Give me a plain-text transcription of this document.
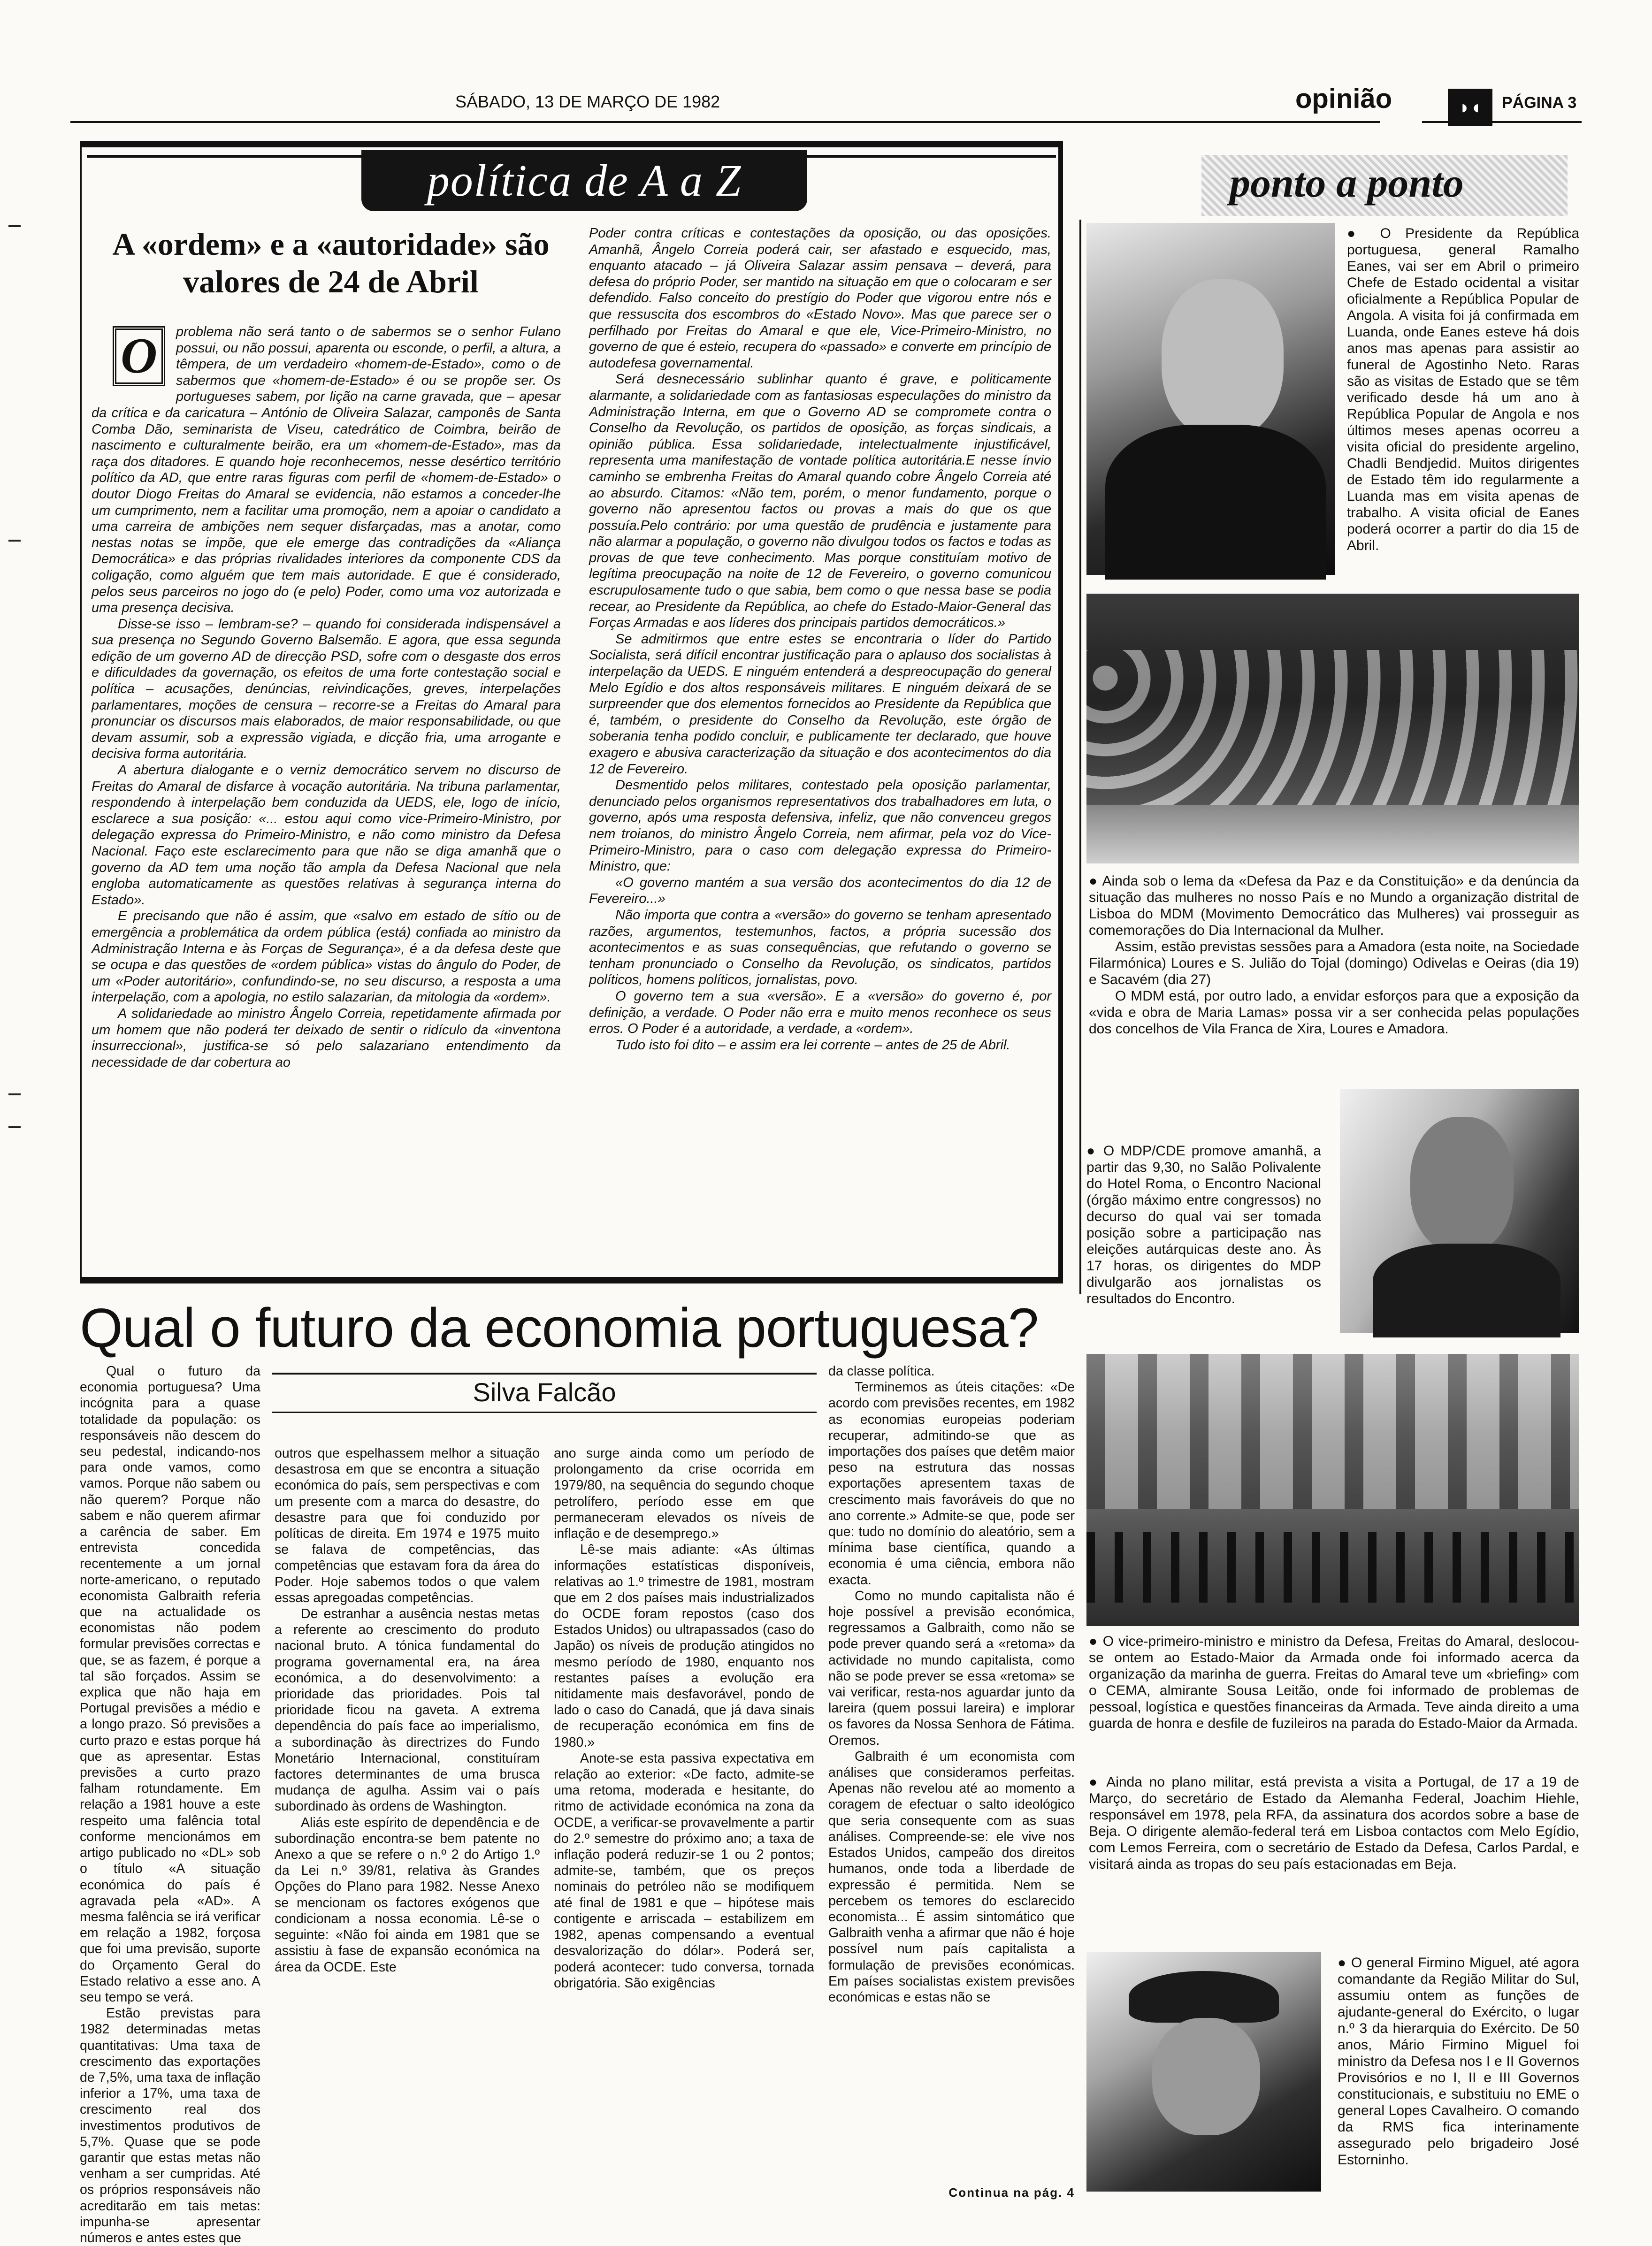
SÁBADO, 13 DE MARÇO DE 1982	opinião	◗◖	PÁGINA 3
política de A a Z
A «ordem» e a «autoridade» são valores de 24 de Abril
O	problema não será tanto o de sabermos se o senhor Fulano possui, ou não possui, aparenta ou esconde, o perfil, a altura, a têmpera, de um verdadeiro «homem-de-Estado», como o de sabermos que «homem-de-Estado» é ou se propõe ser. Os portugueses sabem, por lição na carne gravada, que – apesar da crítica e da caricatura – António de Oliveira Salazar, camponês de Santa Comba Dão, seminarista de Viseu, catedrático de Coimbra, beirão de nascimento e culturalmente beirão, era um «homem-de-Estado», mas da raça dos ditadores. E quando hoje reconhecemos, nesse desértico território político da AD, que entre raras figuras com perfil de «homem-de-Estado» o doutor Diogo Freitas do Amaral se evidencia, não estamos a conceder-lhe um cumprimento, nem a facilitar uma promoção, nem a apoiar o candidato a uma carreira de ambições nem sequer disfarçadas, mas a anotar, como nestas notas se impõe, que ele emerge das contradições da «Aliança Democrática» e das próprias rivalidades interiores da componente CDS da coligação, como alguém que tem mais autoridade. E que é considerado, pelos seus parceiros no jogo do (e pelo) Poder, como uma voz autorizada e uma presença decisiva.

Disse-se isso – lembram-se? – quando foi considerada indispensável a sua presença no Segundo Governo Balsemão. E agora, que essa segunda edição de um governo AD de direcção PSD, sofre com o desgaste dos erros e dificuldades da governação, os efeitos de uma forte contestação social e política – acusações, denúncias, reivindicações, greves, interpelações parlamentares, moções de censura – recorre-se a Freitas do Amaral para pronunciar os discursos mais elaborados, de maior responsabilidade, ou que devam assumir, sob a expressão vigiada, e dicção fria, uma arrogante e decisiva forma autoritária.

A abertura dialogante e o verniz democrático servem no discurso de Freitas do Amaral de disfarce à vocação autoritária. Na tribuna parlamentar, respondendo à interpelação bem conduzida da UEDS, ele, logo de início, esclarece a sua posição: «... estou aqui como vice-Primeiro-Ministro, por delegação expressa do Primeiro-Ministro, e não como ministro da Defesa Nacional. Faço este esclarecimento para que não se diga amanhã que o governo da AD tem uma noção tão ampla da Defesa Nacional que nela engloba automaticamente as questões relativas à segurança interna do Estado».

E precisando que não é assim, que «salvo em estado de sítio ou de emergência a problemática da ordem pública (está) confiada ao ministro da Administração Interna e às Forças de Segurança», é a da defesa deste que se ocupa e das questões de «ordem pública» vistas do ângulo do Poder, de um «Poder autoritário», confundindo-se, no seu discurso, a resposta a uma interpelação, com a apologia, no estilo salazarian, da mitologia da «ordem».

A solidariedade ao ministro Ângelo Correia, repetidamente afirmada por um homem que não poderá ter deixado de sentir o ridículo da «inventona insurreccional», justifica-se só pelo salazariano entendimento da necessidade de dar cobertura ao

Poder contra críticas e contestações da oposição, ou das oposições. Amanhã, Ângelo Correia poderá cair, ser afastado e esquecido, mas, enquanto atacado – já Oliveira Salazar assim pensava – deverá, para defesa do próprio Poder, ser mantido na situação em que o colocaram e ser defendido. Falso conceito do prestígio do Poder que vigorou entre nós e que ressuscita dos escombros do «Estado Novo». Mas que parece ser o perfilhado por Freitas do Amaral e que ele, Vice-Primeiro-Ministro, no governo de que é esteio, recupera do «passado» e converte em princípio de autodefesa governamental.

Será desnecessário sublinhar quanto é grave, e politicamente alarmante, a solidariedade com as fantasiosas especulações do ministro da Administração Interna, em que o Governo AD se compromete contra o Conselho da Revolução, os partidos de oposição, as forças sindicais, a opinião pública. Essa solidariedade, intelectualmente injustificável, representa uma manifestação de vontade política autoritária.E nesse ínvio caminho se embrenha Freitas do Amaral quando cobre Ângelo Correia até ao absurdo. Citamos: «Não tem, porém, o menor fundamento, porque o governo não apresentou factos ou provas a mais do que os que possuía.Pelo contrário: por uma questão de prudência e justamente para não alarmar a população, o governo não divulgou todos os factos e todas as provas de que teve conhecimento. Mas porque constituíam motivo de legítima preocupação na noite de 12 de Fevereiro, o governo comunicou escrupulosamente tudo o que sabia, bem como o que nessa base se podia recear, ao Presidente da República, ao chefe do Estado-Maior-General das Forças Armadas e aos líderes dos principais partidos democráticos.»

Se admitirmos que entre estes se encontraria o líder do Partido Socialista, será difícil encontrar justificação para o aplauso dos socialistas à interpelação da UEDS. E ninguém entenderá a despreocupação do general Melo Egídio e dos altos responsáveis militares. E ninguém deixará de se surpreender que dos elementos fornecidos ao Presidente da República que é, também, o presidente do Conselho da Revolução, este órgão de soberania tenha podido concluir, e publicamente ter declarado, que houve exagero e abusiva caracterização da situação e dos acontecimentos do dia 12 de Fevereiro.

Desmentido pelos militares, contestado pela oposição parlamentar, denunciado pelos organismos representativos dos trabalhadores em luta, o governo, após uma resposta defensiva, infeliz, que não convenceu gregos nem troianos, do ministro Ângelo Correia, nem afirmar, pela voz do Vice-Primeiro-Ministro, para o caso com delegação expressa do Primeiro-Ministro, que:

«O governo mantém a sua versão dos acontecimentos do dia 12 de Fevereiro...»

Não importa que contra a «versão» do governo se tenham apresentado razões, argumentos, testemunhos, factos, a própria sucessão dos acontecimentos e as suas consequências, que refutando o governo se tenham pronunciado o Conselho da Revolução, os sindicatos, partidos políticos, homens políticos, jornalistas, povo.

O governo tem a sua «versão». E a «versão» do governo é, por definição, a verdade. O Poder não erra e muito menos reconhece os seus erros. O Poder é a autoridade, a verdade, a «ordem».

Tudo isto foi dito – e assim era lei corrente – antes de 25 de Abril.

ponto a ponto

● O Presidente da República portuguesa, general Ramalho Eanes, vai ser em Abril o primeiro Chefe de Estado ocidental a visitar oficialmente a República Popular de Angola. A visita foi já confirmada em Luanda, onde Eanes esteve há dois anos mas apenas para assistir ao funeral de Agostinho Neto. Raras são as visitas de Estado que se têm verificado desde há um ano à República Popular de Angola e nos últimos meses apenas ocorreu a visita oficial do presidente argelino, Chadli Bendjedid. Muitos dirigentes de Estado têm ido regularmente a Luanda mas em visita apenas de trabalho. A visita oficial de Eanes poderá ocorrer a partir do dia 15 de Abril.

● Ainda sob o lema da «Defesa da Paz e da Constituição» e da denúncia da situação das mulheres no nosso País e no Mundo a organização distrital de Lisboa do MDM (Movimento Democrático das Mulheres) vai prosseguir as comemorações do Dia Internacional da Mulher.

Assim, estão previstas sessões para a Amadora (esta noite, na Sociedade Filarmónica) Loures e S. Julião do Tojal (domingo) Odivelas e Oeiras (dia 19) e Sacavém (dia 27)

O MDM está, por outro lado, a envidar esforços para que a exposição da «vida e obra de Maria Lamas» possa vir a ser conhecida pelas populações dos concelhos de Vila Franca de Xira, Loures e Amadora.

● O MDP/CDE promove amanhã, a partir das 9,30, no Salão Polivalente do Hotel Roma, o Encontro Nacional (órgão máximo entre congressos) no decurso do qual vai ser tomada posição sobre a participação nas eleições autárquicas deste ano. Às 17 horas, os dirigentes do MDP divulgarão aos jornalistas os resultados do Encontro.

● O vice-primeiro-ministro e ministro da Defesa, Freitas do Amaral, deslocou-se ontem ao Estado-Maior da Armada onde foi informado acerca da organização da marinha de guerra. Freitas do Amaral teve um «briefing» com o CEMA, almirante Sousa Leitão, onde foi informado de problemas de pessoal, logística e questões financeiras da Armada. Teve ainda direito a uma guarda de honra e desfile de fuzileiros na parada do Estado-Maior da Armada.

● Ainda no plano militar, está prevista a visita a Portugal, de 17 a 19 de Março, do secretário de Estado da Alemanha Federal, Joachim Hiehle, responsável em 1978, pela RFA, da assinatura dos acordos sobre a base de Beja. O dirigente alemão-federal terá em Lisboa contactos com Melo Egídio, com Lemos Ferreira, com o secretário de Estado da Defesa, Carlos Pardal, e visitará ainda as tropas do seu país estacionadas em Beja.

● O general Firmino Miguel, até agora comandante da Região Militar do Sul, assumiu ontem as funções de ajudante-general do Exército, o lugar n.º 3 da hierarquia do Exército. De 50 anos, Mário Firmino Miguel foi ministro da Defesa nos I e II Governos Provisórios e no I, II e III Governos constitucionais, e substituiu no EME o general Lopes Cavalheiro. O comando da RMS fica interinamente assegurado pelo brigadeiro José Estorninho.

Qual o futuro da economia portuguesa?
Silva Falcão

Qual o futuro da economia portuguesa? Uma incógnita para a quase totalidade da população: os responsáveis não descem do seu pedestal, indicando-nos para onde vamos, como vamos. Porque não sabem ou não querem? Porque não sabem e não querem afirmar a carência de saber. Em entrevista concedida recentemente a um jornal norte-americano, o reputado economista Galbraith referia que na actualidade os economistas não podem formular previsões correctas e que, se as fazem, é porque a tal são forçados. Assim se explica que não haja em Portugal previsões a médio e a longo prazo. Só previsões a curto prazo e estas porque há que as apresentar. Estas previsões a curto prazo falham rotundamente. Em relação a 1981 houve a este respeito uma falência total conforme mencionámos em artigo publicado no «DL» sob o título «A situação económica do país é agravada pela «AD». A mesma falência se irá verificar em relação a 1982, forçosa que foi uma previsão, suporte do Orçamento Geral do Estado relativo a esse ano. A seu tempo se verá.

Estão previstas para 1982 determinadas metas quantitativas: Uma taxa de crescimento das exportações de 7,5%, uma taxa de inflação inferior a 17%, uma taxa de crescimento real dos investimentos produtivos de 5,7%. Quase que se pode garantir que estas metas não venham a ser cumpridas. Até os próprios responsáveis não acreditarão em tais metas: impunha-se apresentar números e antes estes que

outros que espelhassem melhor a situação desastrosa em que se encontra a situação económica do país, sem perspectivas e com um presente com a marca do desastre, do desastre para que foi conduzido por políticas de direita. Em 1974 e 1975 muito se falava de competências, das competências que estavam fora da área do Poder. Hoje sabemos todos o que valem essas apregoadas competências.

De estranhar a ausência nestas metas a referente ao crescimento do produto nacional bruto. A tónica fundamental do programa governamental era, na área económica, a do desenvolvimento: a prioridade das prioridades. Pois tal prioridade ficou na gaveta. A extrema dependência do país face ao imperialismo, a subordinação às directrizes do Fundo Monetário Internacional, constituíram factores determinantes de uma brusca mudança de agulha. Assim vai o país subordinado às ordens de Washington.

Aliás este espírito de dependência e de subordinação encontra-se bem patente no Anexo a que se refere o n.º 2 do Artigo 1.º da Lei n.º 39/81, relativa às Grandes Opções do Plano para 1982. Nesse Anexo se mencionam os factores exógenos que condicionam a nossa economia. Lê-se o seguinte: «Não foi ainda em 1981 que se assistiu à fase de expansão económica na área da OCDE. Este

ano surge ainda como um período de prolongamento da crise ocorrida em 1979/80, na sequência do segundo choque petrolífero, período esse em que permaneceram elevados os níveis de inflação e de desemprego.»

Lê-se mais adiante: «As últimas informações estatísticas disponíveis, relativas ao 1.º trimestre de 1981, mostram que em 2 dos países mais industrializados do OCDE foram repostos (caso dos Estados Unidos) ou ultrapassados (caso do Japão) os níveis de produção atingidos no mesmo período de 1980, enquanto nos restantes países a evolução era nitidamente mais desfavorável, pondo de lado o caso do Canadá, que já dava sinais de recuperação económica em fins de 1980.»

Anote-se esta passiva expectativa em relação ao exterior: «De facto, admite-se uma retoma, moderada e hesitante, do ritmo de actividade económica na zona da OCDE, a verificar-se provavelmente a partir do 2.º semestre do próximo ano; a taxa de inflação poderá reduzir-se 1 ou 2 pontos; admite-se, também, que os preços nominais do petróleo não se modifiquem até final de 1981 e que – hipótese mais contigente e arriscada – estabilizem em 1982, apenas compensando a eventual desvalorização do dólar». Poderá ser, poderá acontecer: tudo conversa, tornada obrigatória. São exigências

da classe política.

Terminemos as úteis citações: «De acordo com previsões recentes, em 1982 as economias europeias poderiam recuperar, admitindo-se que as importações dos países que detêm maior peso na estrutura das nossas exportações apresentem taxas de crescimento mais favoráveis do que no ano corrente.» Admite-se que, pode ser que: tudo no domínio do aleatório, sem a mínima base científica, quando a economia é uma ciência, embora não exacta.

Como no mundo capitalista não é hoje possível a previsão económica, regressamos a Galbraith, como não se pode prever quando será a «retoma» da actividade no mundo capitalista, como não se pode prever se essa «retoma» se vai verificar, resta-nos aguardar junto da lareira (quem possui lareira) e implorar os favores da Nossa Senhora de Fátima. Oremos.

Galbraith é um economista com análises que consideramos perfeitas. Apenas não revelou até ao momento a coragem de efectuar o salto ideológico que seria consequente com as suas análises. Compreende-se: ele vive nos Estados Unidos, campeão dos direitos humanos, onde toda a liberdade de expressão é permitida. Nem se percebem os temores do esclarecido economista... É assim sintomático que Galbraith venha a afirmar que não é hoje possível num país capitalista a formulação de previsões económicas. Em países socialistas existem previsões económicas e estas não se

Continua na pág. 4
